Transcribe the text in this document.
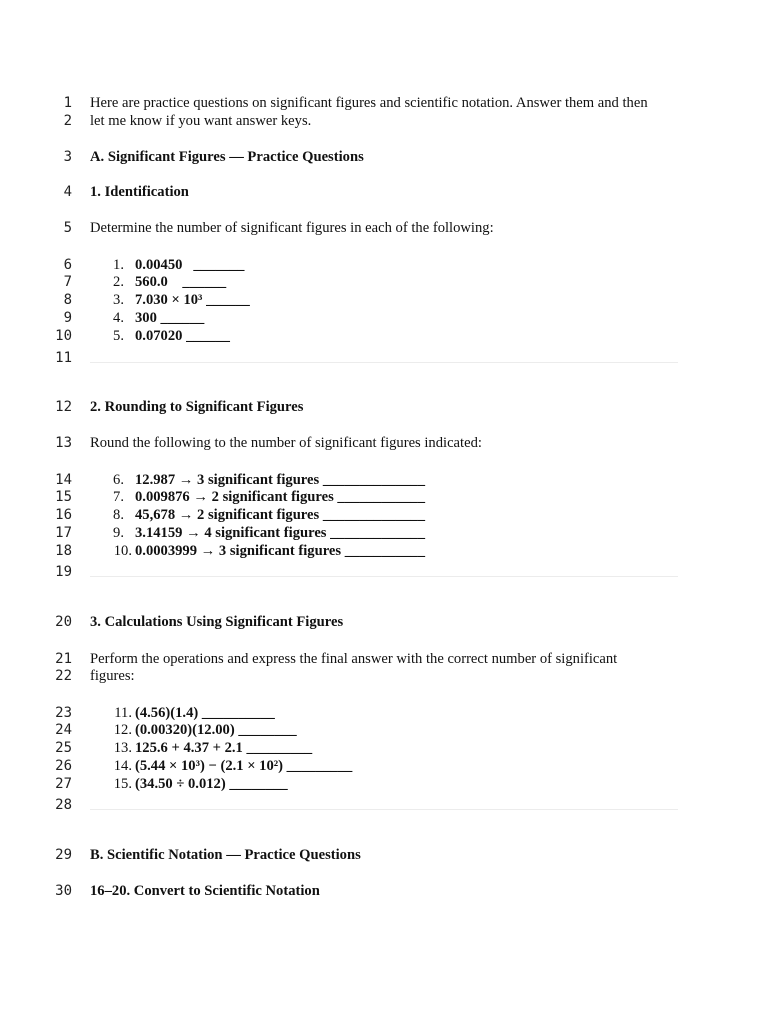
1 Here are practice questions on significant figures and scientific notation. Answer them and then
2 let me know if you want answer keys.
3 A. Significant Figures — Practice Questions
4 1. Identification
5 Determine the number of significant figures in each of the following:
6	1. 0.00450   _______
7	2. 560.0    ______
8	3. 7.030 × 10³ ______
9	4. 300 ______
10	5. 0.07020 ______
11
12 2. Rounding to Significant Figures
13 Round the following to the number of significant figures indicated:
14	6. 12.987 → 3 significant figures ______________
15	7. 0.009876 → 2 significant figures ____________
16	8. 45,678 → 2 significant figures ______________
17	9. 3.14159 → 4 significant figures _____________
18	10. 0.0003999 → 3 significant figures ___________
19
20 3. Calculations Using Significant Figures
21 Perform the operations and express the final answer with the correct number of significant
22 figures:
23	11. (4.56)(1.4) __________
24	12. (0.00320)(12.00) ________
25	13. 125.6 + 4.37 + 2.1 _________
26	14. (5.44 × 10³) − (2.1 × 10²) _________
27	15. (34.50 ÷ 0.012) ________
28
29 B. Scientific Notation — Practice Questions
30 16–20. Convert to Scientific Notation
